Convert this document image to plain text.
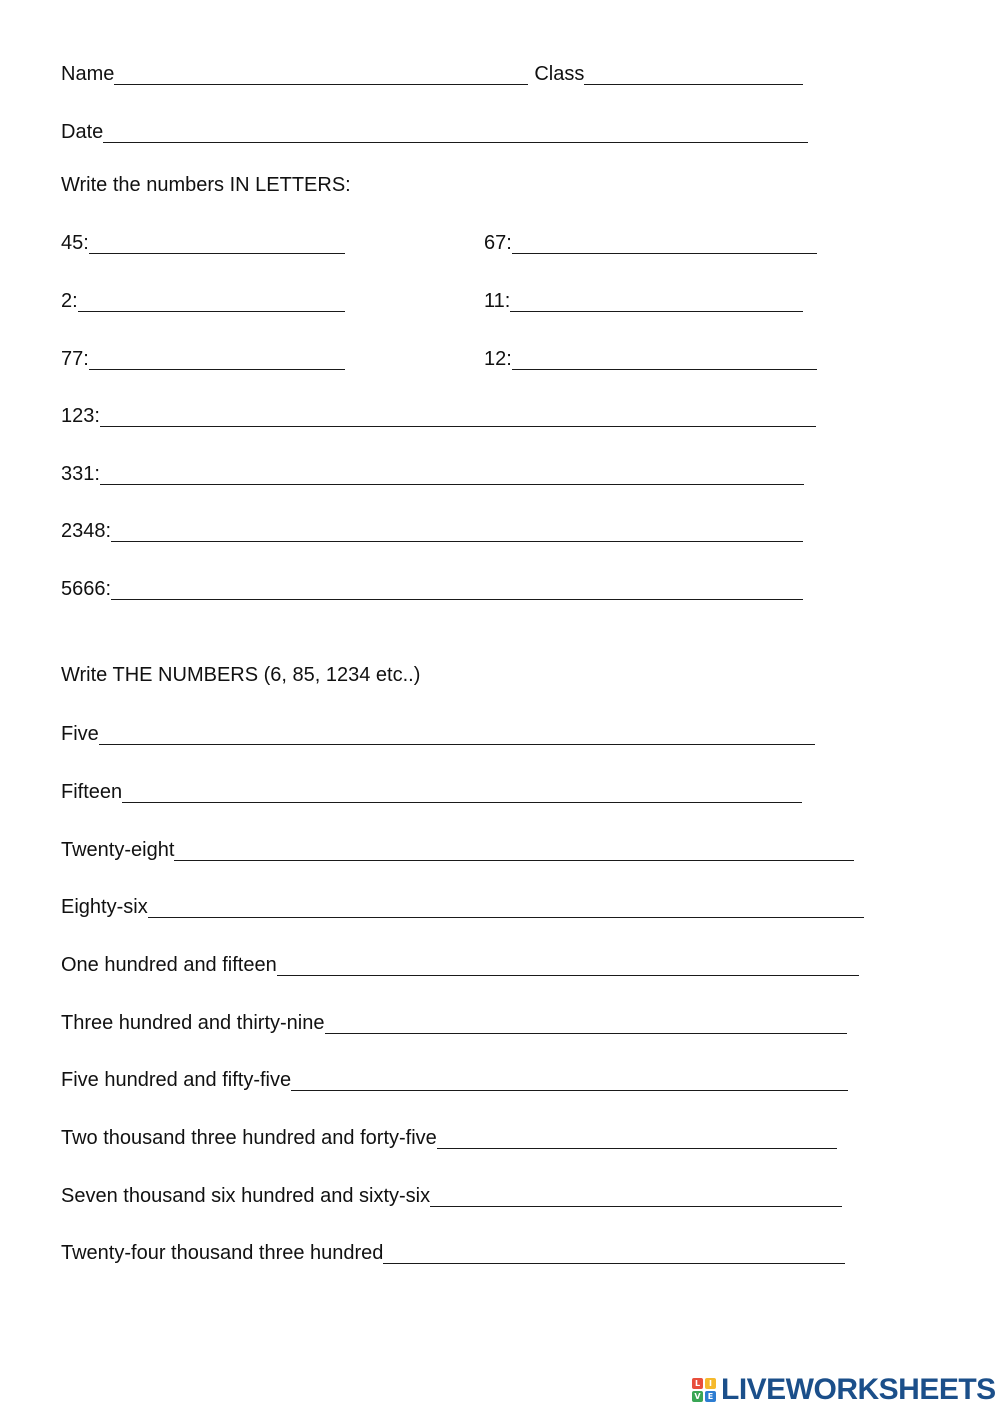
Name	Class
Date
Write the numbers IN LETTERS:
45:	67:
2:	11:
77:	12:
123:
331:
2348:
5666:
Write THE NUMBERS (6, 85, 1234 etc..)
Five
Fifteen
Twenty-eight
Eighty-six
One hundred and fifteen
Three hundred and thirty-nine
Five hundred and fifty-five
Two thousand three hundred and forty-five
Seven thousand six hundred and sixty-six
Twenty-four thousand three hundred
L	I
V E LIVEWORKSHEETS
